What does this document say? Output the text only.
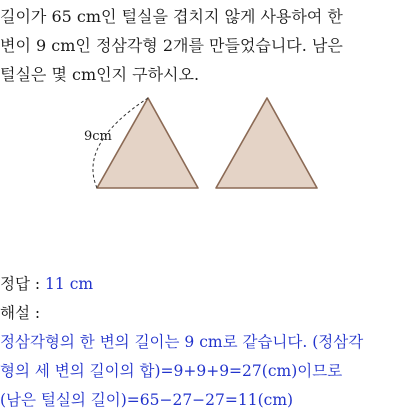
길이가 65 cm인 털실을 겹치지 않게 사용하여 한
변이 9 cm인 정삼각형 2개를 만들었습니다. 남은
털실은 몇 cm인지 구하시오.
9cm
정답 : 11 cm
해설 :
정삼각형의 한 변의 길이는 9 cm로 같습니다. (정삼각
형의 세 변의 길이의 합)=9+9+9=27(cm)이므로
(남은 털실의 길이)=65−27−27=11(cm)
